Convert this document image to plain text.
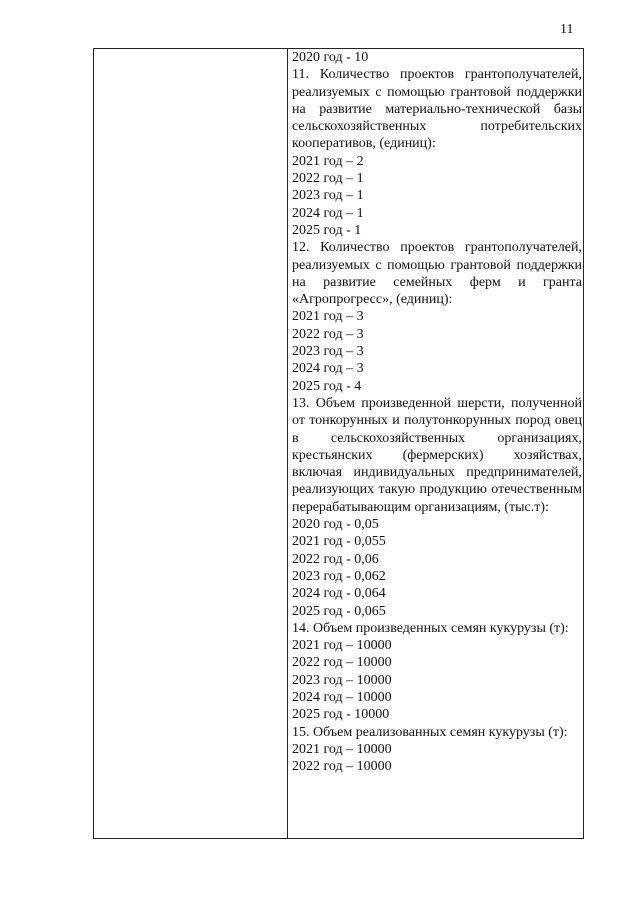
11
2020 год - 10
11. Количество проектов грантополучателей, реализуемых с помощью грантовой поддержки на развитие материально-технической базы сельскохозяйственных потребительских кооперативов, (единиц):
2021 год – 2
2022 год – 1
2023 год – 1
2024 год – 1
2025 год - 1
12. Количество проектов грантополучателей, реализуемых с помощью грантовой поддержки на развитие семейных ферм и гранта «Агропрогресс», (единиц):
2021 год – 3
2022 год – 3
2023 год – 3
2024 год – 3
2025 год - 4
13. Объем произведенной шерсти, полученной от тонкорунных и полутонкорунных пород овец в сельскохозяйственных организациях, крестьянских (фермерских) хозяйствах, включая индивидуальных предпринимателей, реализующих такую продукцию отечественным перерабатывающим организациям, (тыс.т):
2020 год - 0,05
2021 год - 0,055
2022 год - 0,06
2023 год - 0,062
2024 год - 0,064
2025 год - 0,065
14. Объем произведенных семян кукурузы (т):
2021 год – 10000
2022 год – 10000
2023 год – 10000
2024 год – 10000
2025 год - 10000
15. Объем реализованных семян кукурузы (т):
2021 год – 10000
2022 год – 10000
